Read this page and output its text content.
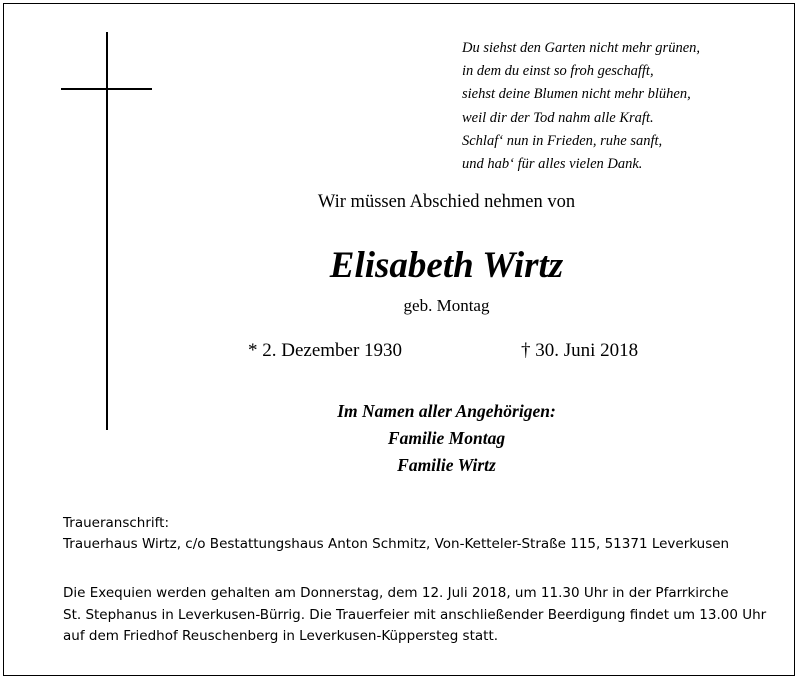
Du siehst den Garten nicht mehr grünen,
in dem du einst so froh geschafft,
siehst deine Blumen nicht mehr blühen,
weil dir der Tod nahm alle Kraft.
Schlaf‘ nun in Frieden, ruhe sanft,
und hab‘ für alles vielen Dank.
Wir müssen Abschied nehmen von
Elisabeth Wirtz
geb. Montag
* 2. Dezember 1930	† 30. Juni 2018
Im Namen aller Angehörigen:
Familie Montag
Familie Wirtz
Traueranschrift:
Trauerhaus Wirtz, c/o Bestattungshaus Anton Schmitz, Von-Ketteler-Straße 115, 51371 Leverkusen
Die Exequien werden gehalten am Donnerstag, dem 12. Juli 2018, um 11.30 Uhr in der Pfarrkirche
St. Stephanus in Leverkusen-Bürrig. Die Trauerfeier mit anschließender Beerdigung findet um 13.00 Uhr
auf dem Friedhof Reuschenberg in Leverkusen-Küppersteg statt.
